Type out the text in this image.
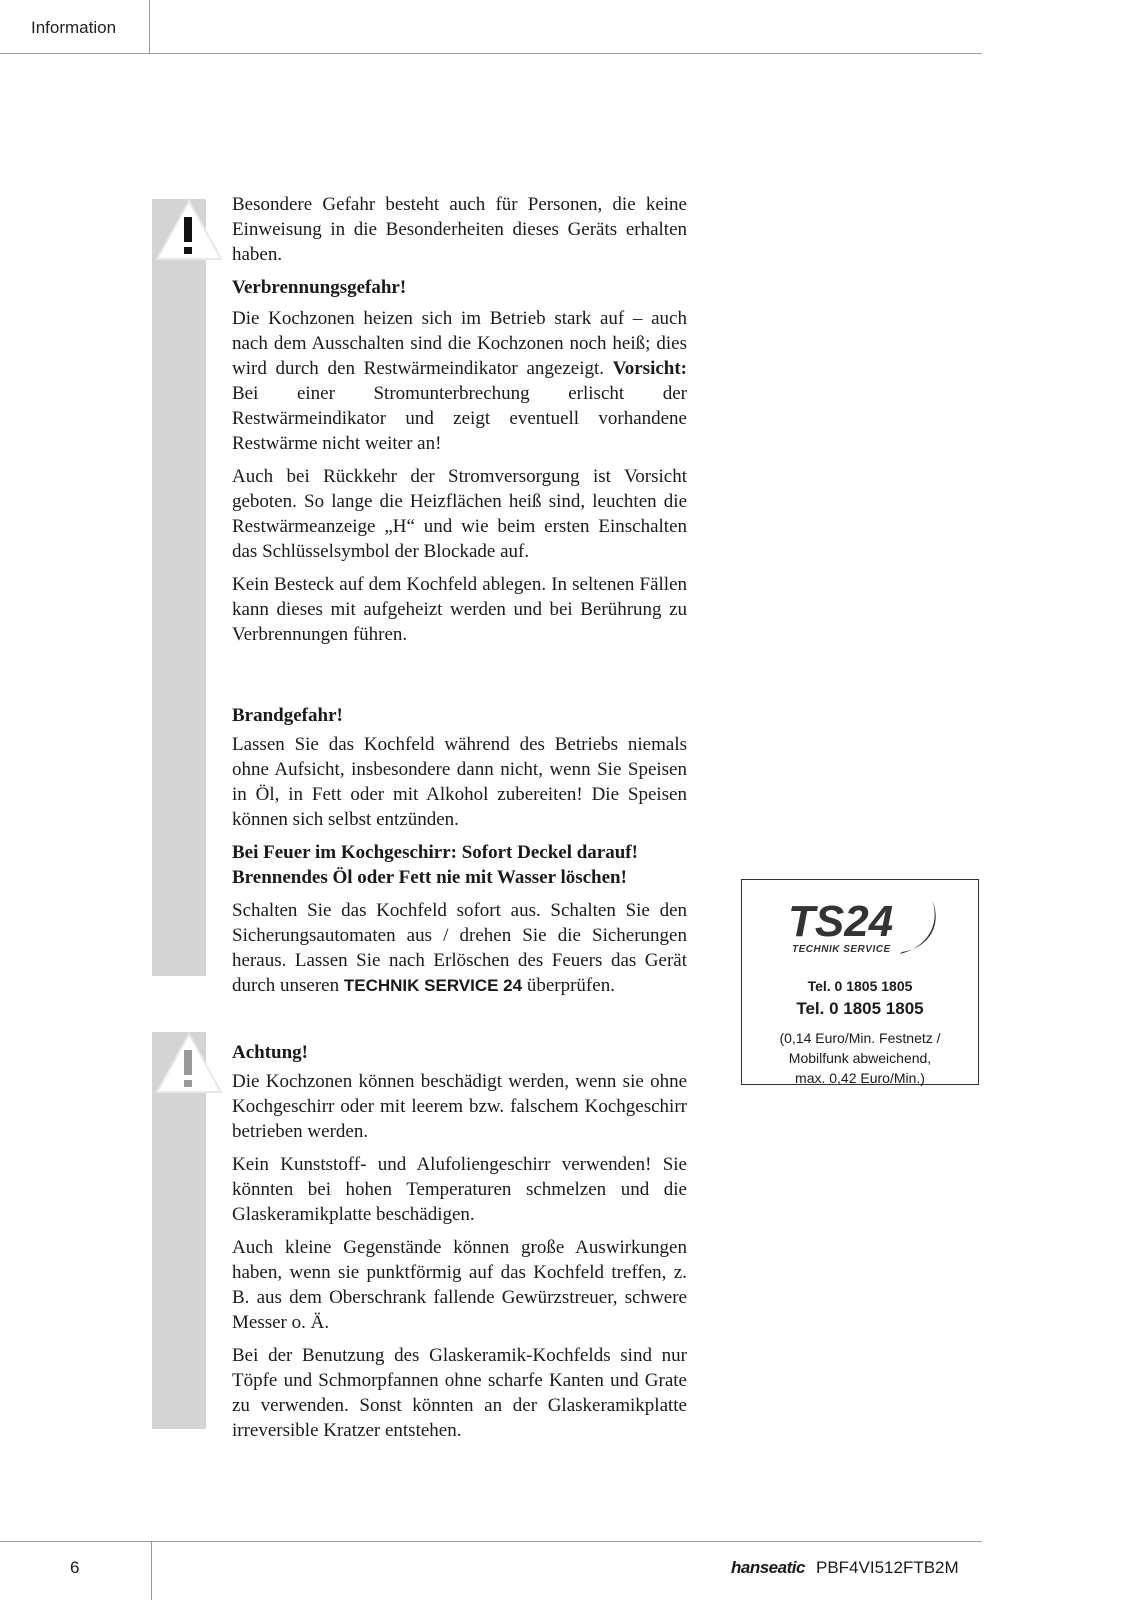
Information

Besondere Gefahr besteht auch für Personen, die keine Einweisung in die Besonderheiten dieses Geräts erhalten haben.

Verbrennungsgefahr!

Die Kochzonen heizen sich im Betrieb stark auf – auch nach dem Ausschalten sind die Kochzonen noch heiß; dies wird durch den Restwärmeindikator angezeigt. Vorsicht: Bei einer Stromunterbrechung erlischt der Restwärmeindikator und zeigt eventuell vorhandene Restwärme nicht weiter an!

Auch bei Rückkehr der Stromversorgung ist Vorsicht geboten. So lange die Heizflächen heiß sind, leuchten die Restwärmeanzeige „H“ und wie beim ersten Einschalten das Schlüsselsymbol der Blockade auf.

Kein Besteck auf dem Kochfeld ablegen. In seltenen Fällen kann dieses mit aufgeheizt werden und bei Berührung zu Verbrennungen führen.

Brandgefahr!

Lassen Sie das Kochfeld während des Betriebs niemals ohne Aufsicht, insbesondere dann nicht, wenn Sie Speisen in Öl, in Fett oder mit Alkohol zubereiten! Die Speisen können sich selbst entzünden.

Bei Feuer im Kochgeschirr: Sofort Deckel darauf!
Brennendes Öl oder Fett nie mit Wasser löschen!

Schalten Sie das Kochfeld sofort aus. Schalten Sie den Sicherungsautomaten aus / drehen Sie die Sicherungen heraus. Lassen Sie nach Erlöschen des Feuers das Gerät durch unseren TECHNIK SERVICE 24 überprüfen.

Achtung!

Die Kochzonen können beschädigt werden, wenn sie ohne Kochgeschirr oder mit leerem bzw. falschem Kochgeschirr betrieben werden.

Kein Kunststoff- und Alufoliengeschirr verwenden! Sie könnten bei hohen Temperaturen schmelzen und die Glaskeramikplatte beschädigen.

Auch kleine Gegenstände können große Auswirkungen haben, wenn sie punktförmig auf das Kochfeld treffen, z. B. aus dem Oberschrank fallende Gewürzstreuer, schwere Messer o. Ä.

Bei der Benutzung des Glaskeramik-Kochfelds sind nur Töpfe und Schmorpfannen ohne scharfe Kanten und Grate zu verwenden. Sonst könnten an der Glaskeramikplatte irreversible Kratzer entstehen.

TS24
TECHNIK SERVICE
Tel. 0 1805 1805
Tel. 0 1805 1805
(0,14 Euro/Min. Festnetz /
Mobilfunk abweichend,
max. 0,42 Euro/Min.)
6	hanseatic PBF4VI512FTB2M
